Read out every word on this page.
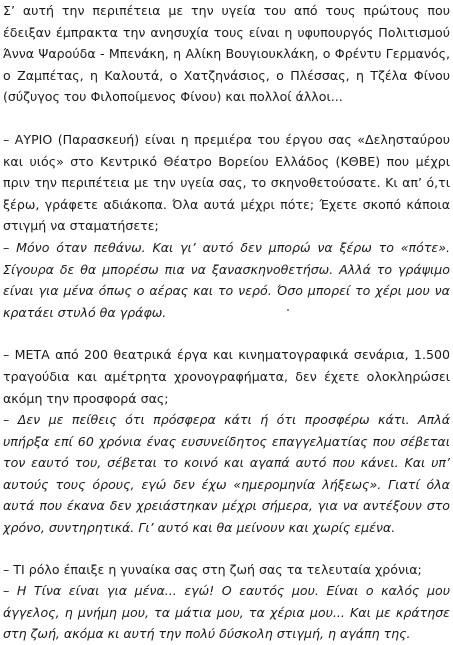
Σ’ αυτή την περιπέτεια με την υγεία του από τους πρώτους που έδειξαν έμπρακτα την ανησυχία τους είναι η υφυπουργός Πολιτισμού Άννα Ψαρούδα - Μπενάκη, η Αλίκη Βουγιουκλάκη, ο Φρέντυ Γερμανός, ο Ζαμπέτας, η Καλουτά, ο Χατζηνάσιος, ο Πλέσσας, η Τζέλα Φίνου (σύζυγος του Φιλοποίμενος Φίνου) και πολλοί άλλοι...

– ΑΥΡΙΟ (Παρασκευή) είναι η πρεμιέρα του έργου σας «Δελησταύρου και υιός» στο Κεντρικό Θέατρο Βορείου Ελλάδος (ΚΘΒΕ) που μέχρι πριν την περιπέτεια με την υγεία σας, το σκηνοθετούσατε. Κι απ’ ό,τι ξέρω, γράφετε αδιάκοπα. Όλα αυτά μέχρι πότε; Έχετε σκοπό κάποια στιγμή να σταματήσετε;

– Μόνο όταν πεθάνω. Και γι’ αυτό δεν μπορώ να ξέρω το «πότε». Σίγουρα δε θα μπορέσω πια να ξανασκηνοθετήσω. Αλλά το γράψιμο είναι για μένα όπως ο αέρας και το νερό. Όσο μπορεί το χέρι μου να κρατάει στυλό θα γράφω.

– ΜΕΤΑ από 200 θεατρικά έργα και κινηματογραφικά σενάρια, 1.500 τραγούδια και αμέτρητα χρονογραφήματα, δεν έχετε ολοκληρώσει ακόμη την προσφορά σας;

– Δεν με πείθεις ότι πρόσφερα κάτι ή ότι προσφέρω κάτι. Απλά υπήρξα επί 60 χρόνια ένας ευσυνείδητος επαγγελματίας που σέβεται τον εαυτό του, σέβεται το κοινό και αγαπά αυτό που κάνει. Και υπ’ αυτούς τους όρους, εγώ δεν έχω «ημερομηνία λήξεως». Γιατί όλα αυτά που έκανα δεν χρειάστηκαν μέχρι σήμερα, για να αντέξουν στο χρόνο, συντηρητικά. Γι’ αυτό και θα μείνουν και χωρίς εμένα.

– ΤΙ ρόλο έπαιξε η γυναίκα σας στη ζωή σας τα τελευταία χρόνια;

– Η Τίνα είναι για μένα... εγώ! Ο εαυτός μου. Είναι ο καλός μου άγγελος, η μνήμη μου, τα μάτια μου, τα χέρια μου... Και με κράτησε στη ζωή, ακόμα κι αυτή την πολύ δύσκολη στιγμή, η αγάπη της.
